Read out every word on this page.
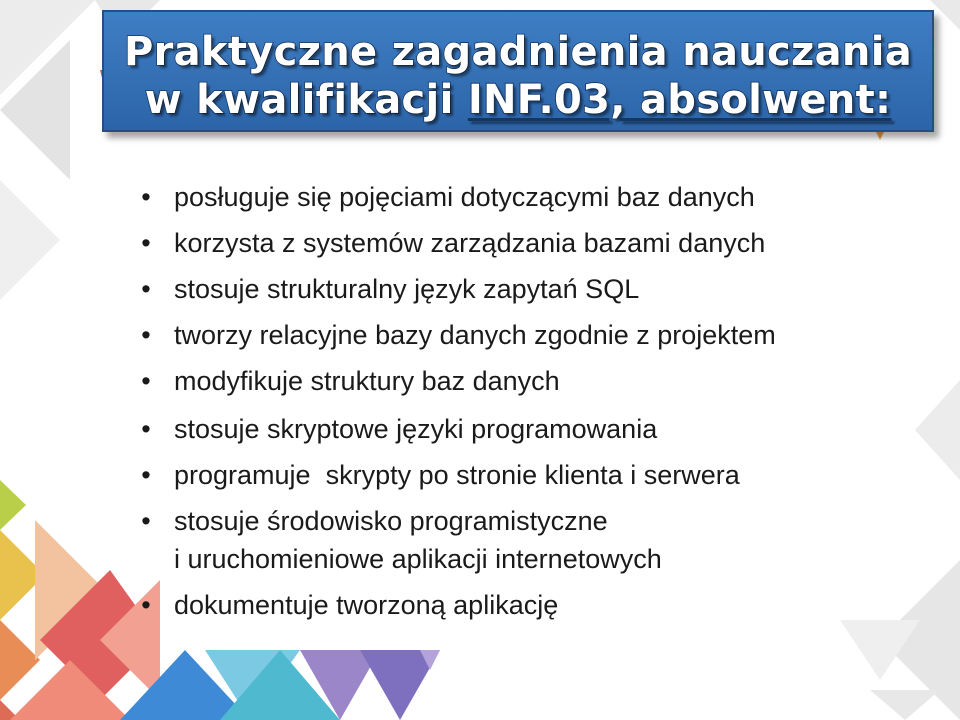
Praktyczne zagadnienia nauczania
w kwalifikacji INF.03, absolwent:
• posługuje się pojęciami dotyczącymi baz danych
• korzysta z systemów zarządzania bazami danych
• stosuje strukturalny język zapytań SQL
• tworzy relacyjne bazy danych zgodnie z projektem
• modyfikuje struktury baz danych
• stosuje skryptowe języki programowania

•

programuje  skrypty po stronie klienta i serwera

• stosuje środowisko programistyczne
i uruchomieniowe aplikacji internetowych
• dokumentuje tworzoną aplikację
